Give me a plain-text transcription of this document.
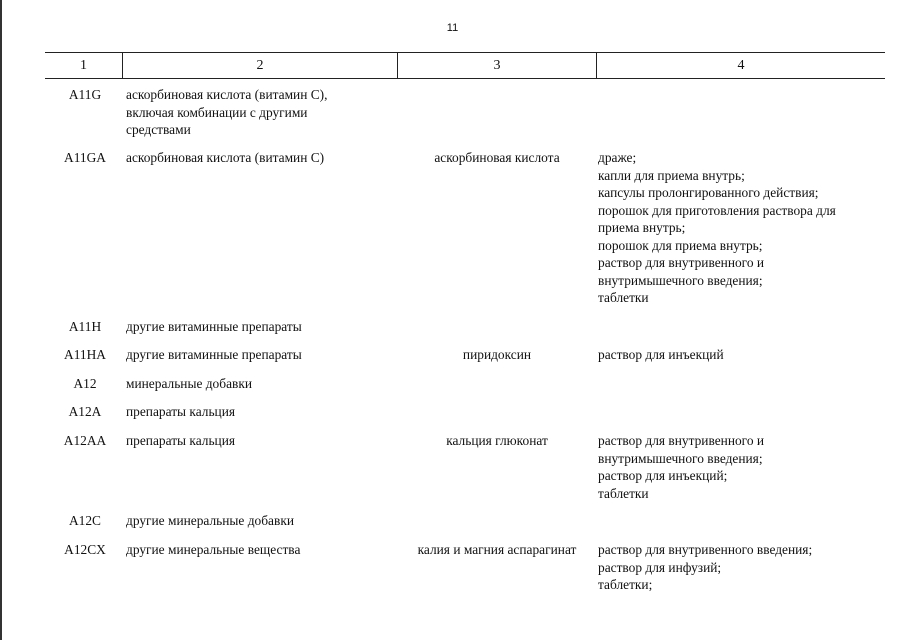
11
1	2	3	4
A11G	аскорбиновая кислота (витамин С),
включая комбинации с другими
средствами
A11GA	аскорбиновая кислота (витамин С)	аскорбиновая кислота	драже;
капли для приема внутрь;
капсулы пролонгированного действия;
порошок для приготовления раствора для
приема внутрь;
порошок для приема внутрь;
раствор для внутривенного и
внутримышечного введения;
таблетки
A11H	другие витаминные препараты
A11HA	другие витаминные препараты	пиридоксин	раствор для инъекций
A12	минеральные добавки
A12A	препараты кальция
A12AA	препараты кальция	кальция глюконат	раствор для внутривенного и
внутримышечного введения;
раствор для инъекций;
таблетки
A12C	другие минеральные добавки
A12CX	другие минеральные вещества	калия и магния аспарагинат	раствор для внутривенного введения;
раствор для инфузий;
таблетки;
